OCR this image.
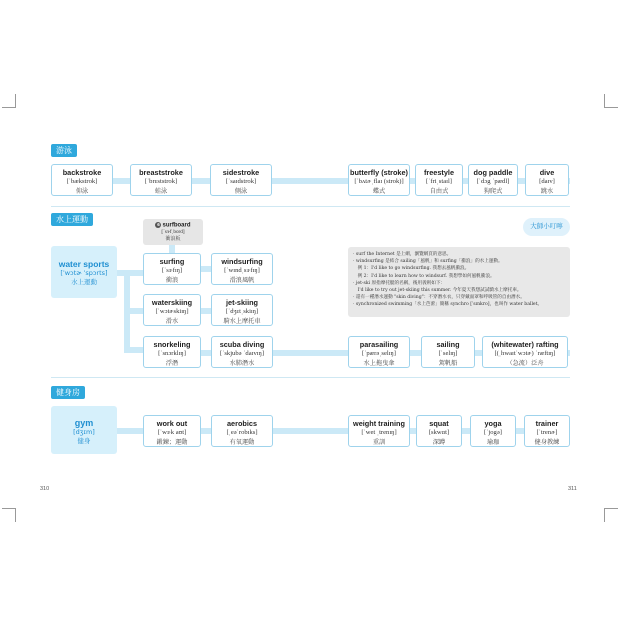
游泳
backstroke
[ˈbækstrok]
仰泳
breaststroke
[ˈbrɛststrok]
蛙泳
sidestroke
[ˈsaɪdstrok]
側泳
butterfly (stroke)
[ˈbʌtɚˌflaɪ (strok)]
蝶式
freestyle
[ˈfriˌstaɪl]
自由式
dog paddle
[ˈdɔg ˈpædl]
狗爬式
dive
[daɪv]
跳水
水上運動
大師小叮嚀
water sports
[ˈwɔtɚ ˈspɔrts]
水上運動
6 surfboard
[ˈsɝfˌbord]
衝浪板
surfing
[ˈsɝfɪŋ]
衝浪
windsurfing
[ˈwɪndˌsɝfɪŋ]
滑浪風帆
waterskiing
[ˈwɔtɚskiɪŋ]
滑水
jet-skiing
[ˈdʒɛtˌskiɪŋ]
騎水上摩托車
snorkeling
[ˈsnɔrklɪŋ]
浮潛
scuba diving
[ˈskjubə ˈdaɪvɪŋ]
水肺潛水
parasailing
[ˈpærəˌselɪŋ]
水上拖曳傘
sailing
[ˈselɪŋ]
駕帆船
(whitewater) rafting
[(ˌhwaɪtˈwɔtɚ) ˈræftɪŋ]
（急流）泛舟
· surf the Internet 是上網，瀏覽網頁的意思。
· windsurfing 是結合 sailing「風帆」和 surfing「衝浪」的水上運動。
　例 1：I'd like to go windsurfing. 我想去風帆衝浪。
　例 2：I'd like to learn how to windsurf. 我想學如何風帆衝浪。
· jet-ski 原指摩托艇的名稱，後用義則如下：
　I'd like to try out jet-skiing this summer. 今年夏天我想試試騎水上摩托車。
· 還有一種潛水運動 "skin diving"：不穿潛水衣，只穿戴面罩和呼吸管的自由潛水。
· synchronized swimming「水上芭蕾」簡稱 synchro [ˈsɪnkro]，也叫作 water ballet。
健身房
gym
[dʒɪm]
健身
work out
[ˈwɝk aʊt]
鍛鍊；運動
aerobics
[ˌeəˈrobɪks]
有氧運動
weight training
[ˈwet ˌtrenɪŋ]
重訓
squat
[skwɑt]
深蹲
yoga
[ˈjogə]
瑜珈
trainer
[ˈtrenɚ]
健身教練
310	311
